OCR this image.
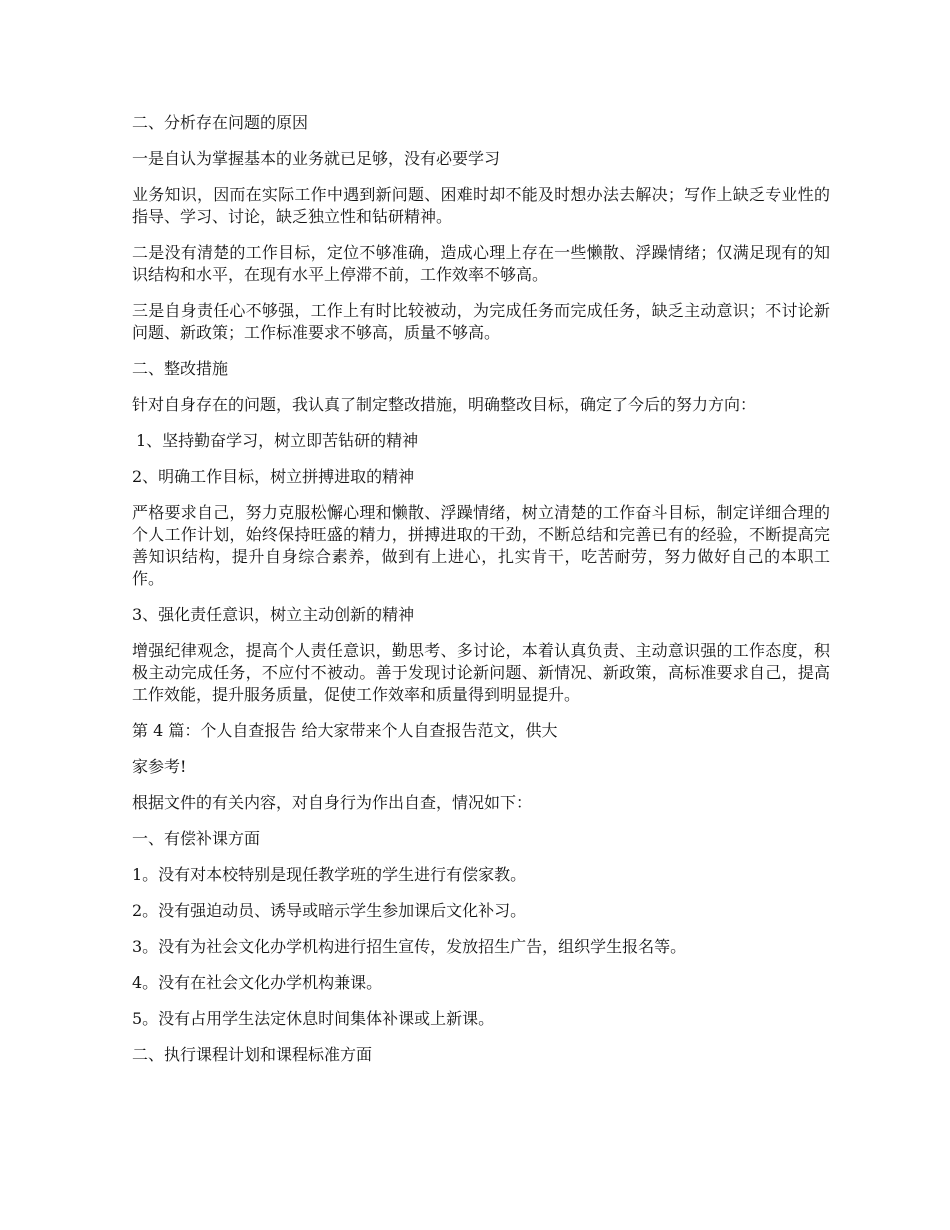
二、分析存在问题的原因

一是自认为掌握基本的业务就已足够，没有必要学习

业务知识，因而在实际工作中遇到新问题、困难时却不能及时想办法去解决；写作上缺乏专业性的指导、学习、讨论，缺乏独立性和钻研精神。

二是没有清楚的工作目标，定位不够准确，造成心理上存在一些懒散、浮躁情绪；仅满足现有的知识结构和水平，在现有水平上停滞不前，工作效率不够高。

三是自身责任心不够强，工作上有时比较被动，为完成任务而完成任务，缺乏主动意识；不讨论新问题、新政策；工作标准要求不够高，质量不够高。

二、整改措施

针对自身存在的问题，我认真了制定整改措施，明确整改目标，确定了今后的努力方向：

1、坚持勤奋学习，树立即苦钻研的精神

2、明确工作目标，树立拼搏进取的精神

严格要求自己，努力克服松懈心理和懒散、浮躁情绪，树立清楚的工作奋斗目标，制定详细合理的个人工作计划，始终保持旺盛的精力，拼搏进取的干劲，不断总结和完善已有的经验，不断提高完善知识结构，提升自身综合素养，做到有上进心，扎实肯干，吃苦耐劳，努力做好自己的本职工作。

3、强化责任意识，树立主动创新的精神

增强纪律观念，提高个人责任意识，勤思考、多讨论，本着认真负责、主动意识强的工作态度，积极主动完成任务，不应付不被动。善于发现讨论新问题、新情况、新政策，高标准要求自己，提高工作效能，提升服务质量，促使工作效率和质量得到明显提升。

第 4 篇：个人自查报告 给大家带来个人自查报告范文，供大

家参考!

根据文件的有关内容，对自身行为作出自查，情况如下：

一、有偿补课方面

1。没有对本校特别是现任教学班的学生进行有偿家教。

2。没有强迫动员、诱导或暗示学生参加课后文化补习。

3。没有为社会文化办学机构进行招生宣传，发放招生广告，组织学生报名等。

4。没有在社会文化办学机构兼课。

5。没有占用学生法定休息时间集体补课或上新课。

二、执行课程计划和课程标准方面
